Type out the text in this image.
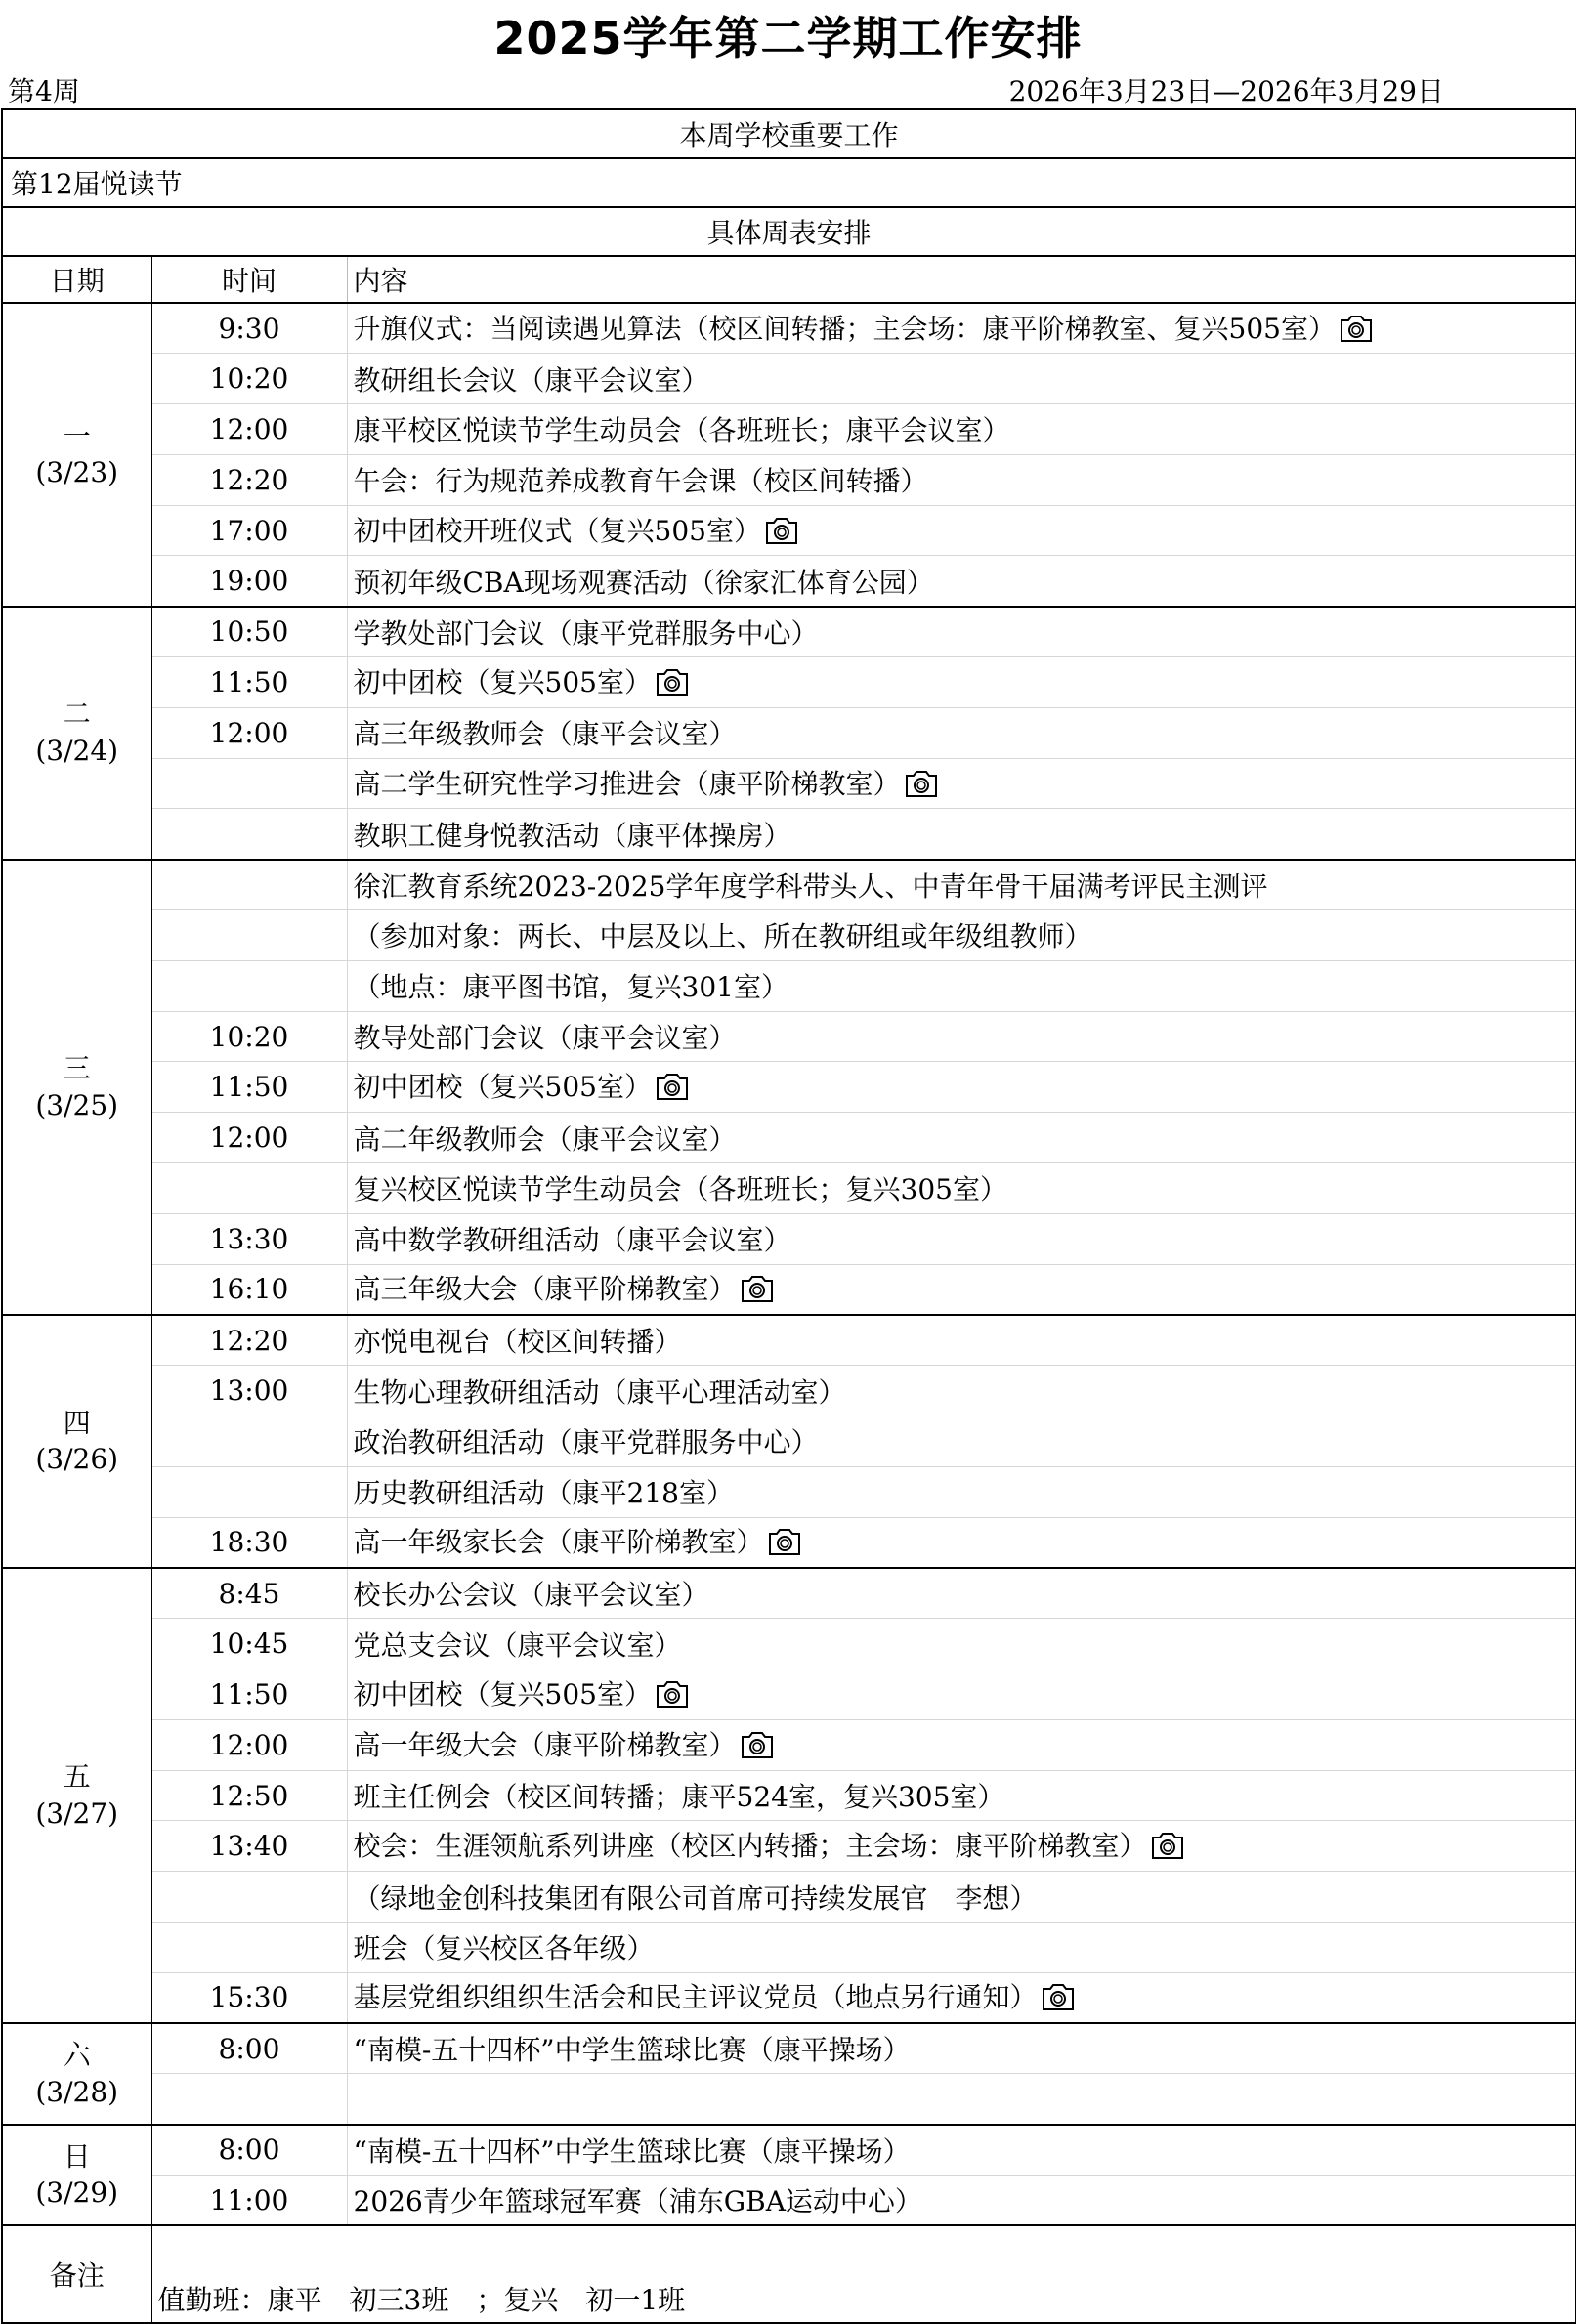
2025学年第二学期工作安排
第4周	2026年3月23日—2026年3月29日
本周学校重要工作		
第12届悦读节		
具体周表安排		
日期	时间	内容

一
(3/23)	9:30	升旗仪式：当阅读遇见算法（校区间转播；主会场：康平阶梯教室、复兴505室）
	10:20	教研组长会议（康平会议室）
	12:00	康平校区悦读节学生动员会（各班班长；康平会议室）
	12:20	午会：行为规范养成教育午会课（校区间转播）
	17:00	初中团校开班仪式（复兴505室）
	19:00	预初年级CBA现场观赛活动（徐家汇体育公园）

二
(3/24)	10:50	学教处部门会议（康平党群服务中心）
	11:50	初中团校（复兴505室）
	12:00	高三年级教师会（康平会议室）
		高二学生研究性学习推进会（康平阶梯教室）
		教职工健身悦教活动（康平体操房）

三
(3/25)		徐汇教育系统2023-2025学年度学科带头人、中青年骨干届满考评民主测评
		（参加对象：两长、中层及以上、所在教研组或年级组教师）
		（地点：康平图书馆，复兴301室）
	10:20	教导处部门会议（康平会议室）
	11:50	初中团校（复兴505室）
	12:00	高二年级教师会（康平会议室）
		复兴校区悦读节学生动员会（各班班长；复兴305室）
	13:30	高中数学教研组活动（康平会议室）
	16:10	高三年级大会（康平阶梯教室）

四
(3/26)	12:20	亦悦电视台（校区间转播）
	13:00	生物心理教研组活动（康平心理活动室）
		政治教研组活动（康平党群服务中心）
		历史教研组活动（康平218室）
	18:30	高一年级家长会（康平阶梯教室）

五
(3/27)	8:45	校长办公会议（康平会议室）
	10:45	党总支会议（康平会议室）
	11:50	初中团校（复兴505室）
	12:00	高一年级大会（康平阶梯教室）
	12:50	班主任例会（校区间转播；康平524室，复兴305室）
	13:40	校会：生涯领航系列讲座（校区内转播；主会场：康平阶梯教室）
		（绿地金创科技集团有限公司首席可持续发展官　李想）
		班会（复兴校区各年级）
	15:30	基层党组织组织生活会和民主评议党员（地点另行通知）

六
(3/28)	8:00	“南模-五十四杯”中学生篮球比赛（康平操场）

日
(3/29)	8:00	“南模-五十四杯”中学生篮球比赛（康平操场）
	11:00	2026青少年篮球冠军赛（浦东GBA运动中心）
备注	值勤班：康平　初三3班　；复兴　初一1班	
